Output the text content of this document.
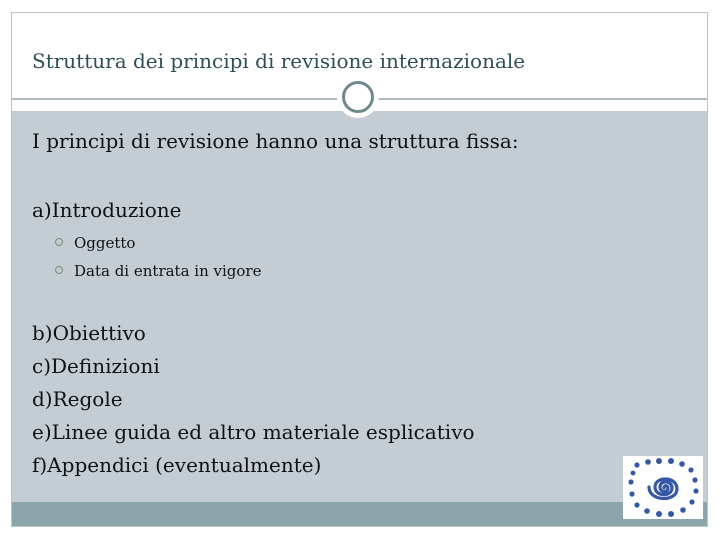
Struttura dei principi di revisione internazionale

I principi di revisione hanno una struttura fissa:

a)Introduzione

Oggetto
Data di entrata in vigore

b)Obiettivo

c)Definizioni

d)Regole

e)Linee guida ed altro materiale esplicativo

f)Appendici (eventualmente)
